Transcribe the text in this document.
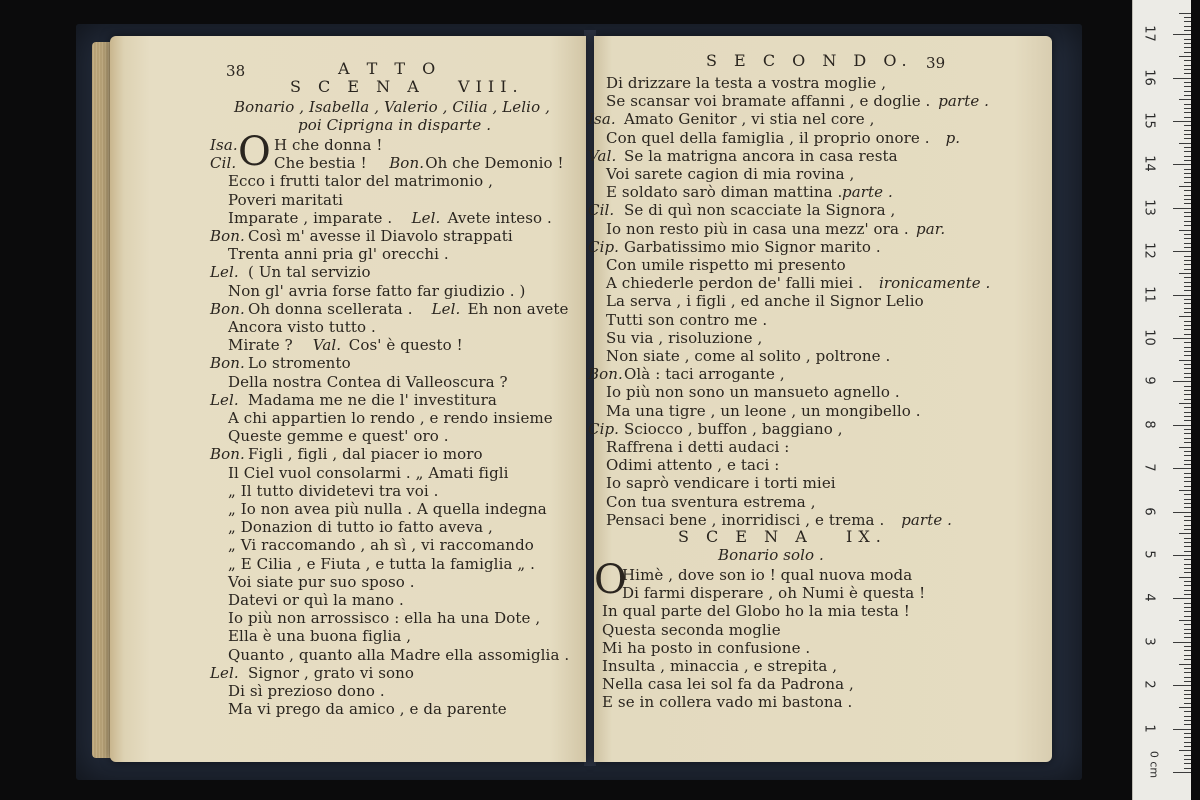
38	A T T O
S C E N A   VIII.
Bonario , Isabella , Valerio , Cilia , Lelio ,
poi Ciprigna in disparte .
O
Isa. H che donna !
Cil.	Che bestia ! Bon. Oh che Demonio !
Ecco i frutti talor del matrimonio ,
Poveri maritati
Imparate , imparate . Lel. Avete inteso .
Bon. Così m' avesse il Diavolo strappati
Trenta anni pria gl' orecchi .
Lel. ( Un tal servizio
Non gl' avria forse fatto far giudizio . )
Bon. Oh donna scellerata . Lel. Eh non avete
Ancora visto tutto .
Mirate ? Val. Cos' è questo !
Bon. Lo stromento
Della nostra Contea di Valleoscura ?
Lel. Madama me ne die l' investitura
A chi appartien lo rendo , e rendo insieme
Queste gemme e quest' oro .
Bon. Figli , figli , dal piacer io moro
Il Ciel vuol consolarmi . „ Amati figli
„ Il tutto dividetevi tra voi .
„ Io non avea più nulla . A quella indegna
„ Donazion di tutto io fatto aveva ,
„ Vi raccomando , ah sì , vi raccomando
„ E Cilia , e Fiuta , e tutta la famiglia „ .
Voi siate pur suo sposo .
Datevi or quì la mano .
Io più non arrossisco : ella ha una Dote ,
Ella è una buona figlia ,
Quanto , quanto alla Madre ella assomiglia .
Lel. Signor , grato vi sono
Di sì prezioso dono .
Ma vi prego da amico , e da parente
S E C O N D O. 39
Di drizzare la testa a vostra moglie ,
Se scansar voi bramate affanni , e doglie . parte .
Isa. Amato Genitor , vi stia nel core ,
Con quel della famiglia , il proprio onore . p.
Val. Se la matrigna ancora in casa resta
Voi sarete cagion di mia rovina ,
E soldato sarò diman mattina . parte .
Cil. Se di quì non scacciate la Signora ,
Io non resto più in casa una mezz' ora . par.
Cip. Garbatissimo mio Signor marito .
Con umile rispetto mi presento
A chiederle perdon de' falli miei . ironicamente .
La serva , i figli , ed anche il Signor Lelio
Tutti son contro me .
Su via , risoluzione ,
Non siate , come al solito , poltrone .
Bon. Olà : taci arrogante ,
Io più non sono un mansueto agnello .
Ma una tigre , un leone , un mongibello .
Cip. Sciocco , buffon , baggiano ,
Raffrena i detti audaci :
Odimi attento , e taci :
Io saprò vendicare i torti miei
Con tua sventura estrema ,
Pensaci bene , inorridisci , e trema . parte .
S C E N A   IX.
Bonario solo .
O
Himè , dove son io ! qual nuova moda
Di farmi disperare , oh Numi è questa !
In qual parte del Globo ho la mia testa !
Questa seconda moglie
Mi ha posto in confusione .
Insulta , minaccia , e strepita ,
Nella casa lei sol fa da Padrona ,
E se in collera vado mi bastona .
1
2
3
4
5
6
7
8
9
10
11
12
13
14
15
16
17
0 cm
